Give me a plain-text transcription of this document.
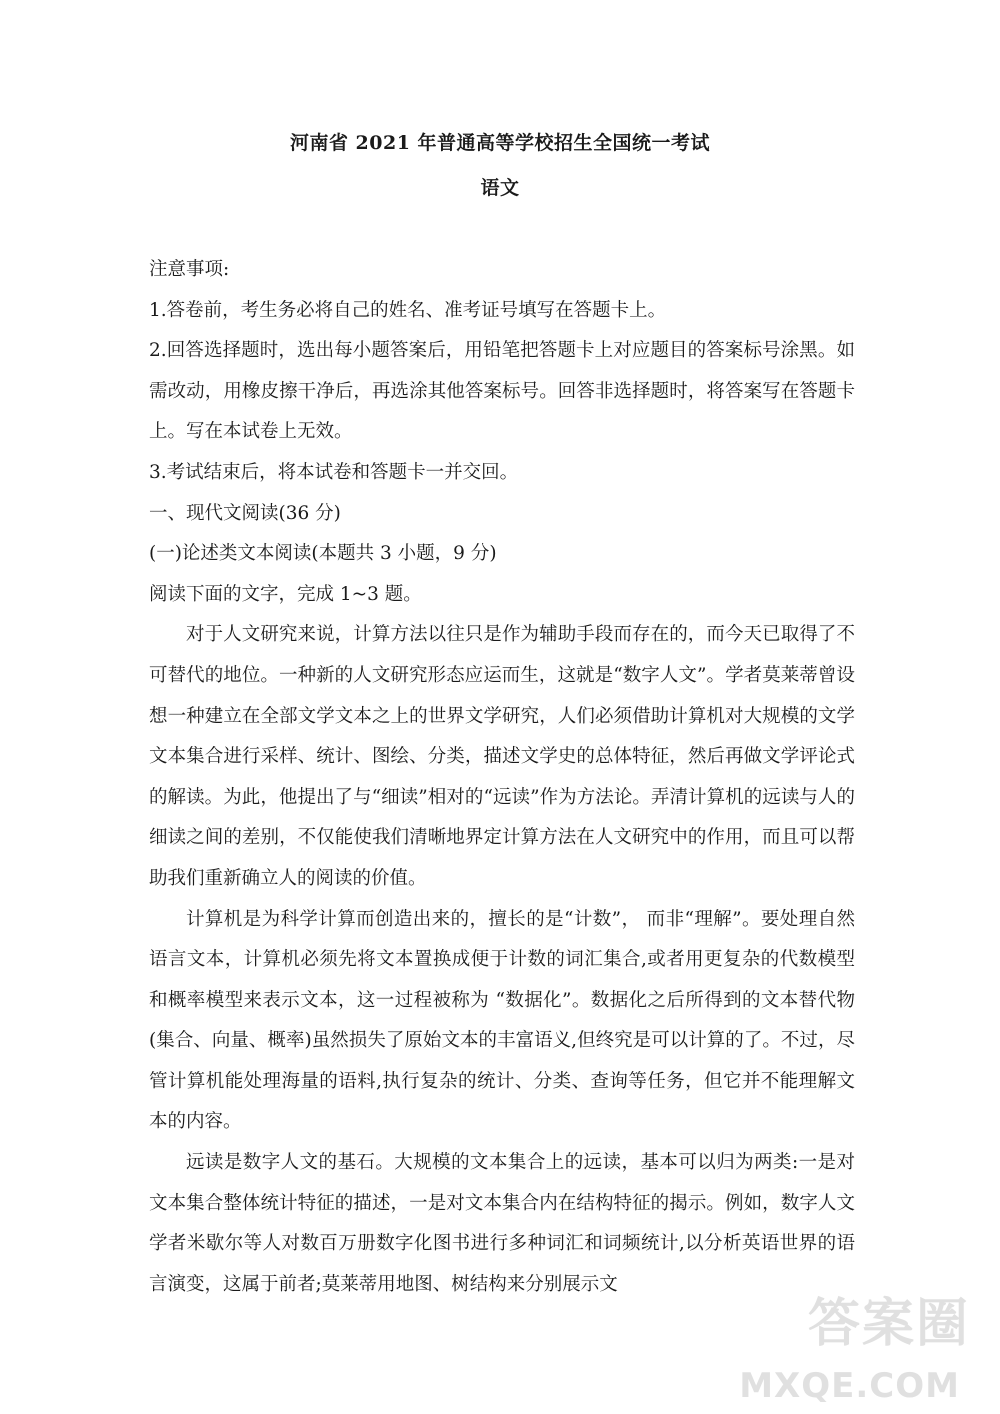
河南省 2021 年普通高等学校招生全国统一考试
语文

注意事项:

1.答卷前，考生务必将自己的姓名、准考证号填写在答题卡上。

2.回答选择题时，选出每小题答案后，用铅笔把答题卡上对应题目的答案标号涂黑。如需改动，用橡皮擦干净后，再选涂其他答案标号。回答非选择题时，将答案写在答题卡上。写在本试卷上无效。

3.考试结束后，将本试卷和答题卡一并交回。

一、现代文阅读(36 分)

(一)论述类文本阅读(本题共 3 小题，9 分)

阅读下面的文字，完成 1~3 题。

对于人文研究来说，计算方法以往只是作为辅助手段而存在的，而今天已取得了不可替代的地位。一种新的人文研究形态应运而生，这就是“数字人文”。学者莫莱蒂曾设想一种建立在全部文学文本之上的世界文学研究，人们必须借助计算机对大规模的文学文本集合进行采样、统计、图绘、分类，描述文学史的总体特征，然后再做文学评论式的解读。为此，他提出了与“细读”相对的“远读”作为方法论。弄清计算机的远读与人的细读之间的差别，不仅能使我们清晰地界定计算方法在人文研究中的作用，而且可以帮助我们重新确立人的阅读的价值。

计算机是为科学计算而创造出来的，擅长的是“计数”， 而非“理解”。要处理自然语言文本，计算机必须先将文本置换成便于计数的词汇集合,或者用更复杂的代数模型和概率模型来表示文本，这一过程被称为 “数据化”。数据化之后所得到的文本替代物(集合、向量、概率)虽然损失了原始文本的丰富语义,但终究是可以计算的了。不过，尽管计算机能处理海量的语料,执行复杂的统计、分类、查询等任务，但它并不能理解文本的内容。

远读是数字人文的基石。大规模的文本集合上的远读，基本可以归为两类:一是对文本集合整体统计特征的描述，一是对文本集合内在结构特征的揭示。例如，数字人文学者米歇尔等人对数百万册数字化图书进行多种词汇和词频统计,以分析英语世界的语言演变，这属于前者;莫莱蒂用地图、树结构来分别展示文

答案圈
MXQE.COM
